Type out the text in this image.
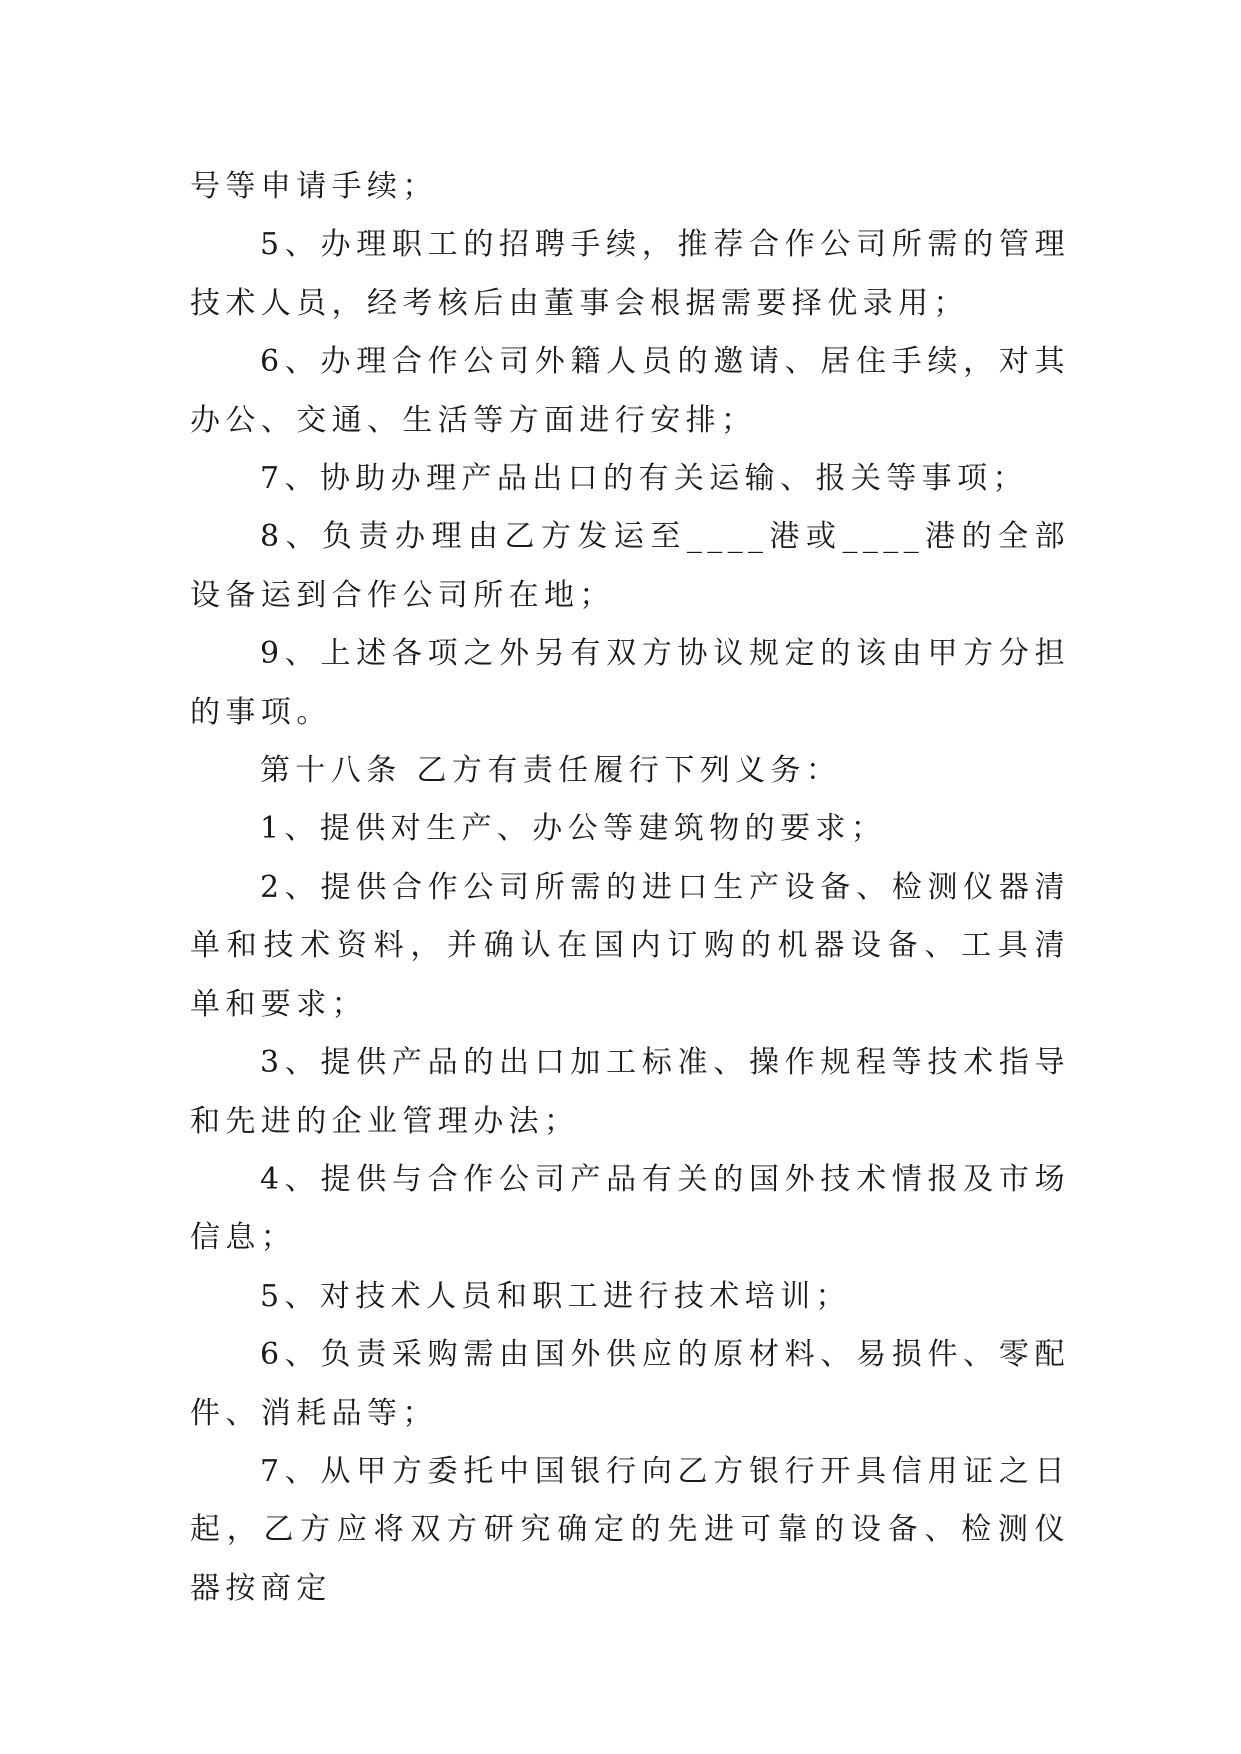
号等申请手续；

5、办理职工的招聘手续，推荐合作公司所需的管理技术人员，经考核后由董事会根据需要择优录用；

6、办理合作公司外籍人员的邀请、居住手续，对其办公、交通、生活等方面进行安排；

7、协助办理产品出口的有关运输、报关等事项；

8、负责办理由乙方发运至____港或____港的全部设备运到合作公司所在地；

9、上述各项之外另有双方协议规定的该由甲方分担的事项。

第十八条 乙方有责任履行下列义务：

1、提供对生产、办公等建筑物的要求；

2、提供合作公司所需的进口生产设备、检测仪器清单和技术资料，并确认在国内订购的机器设备、工具清单和要求；

3、提供产品的出口加工标准、操作规程等技术指导和先进的企业管理办法；

4、提供与合作公司产品有关的国外技术情报及市场信息；

5、对技术人员和职工进行技术培训；

6、负责采购需由国外供应的原材料、易损件、零配件、消耗品等；

7、从甲方委托中国银行向乙方银行开具信用证之日起，乙方应将双方研究确定的先进可靠的设备、检测仪器按商定
